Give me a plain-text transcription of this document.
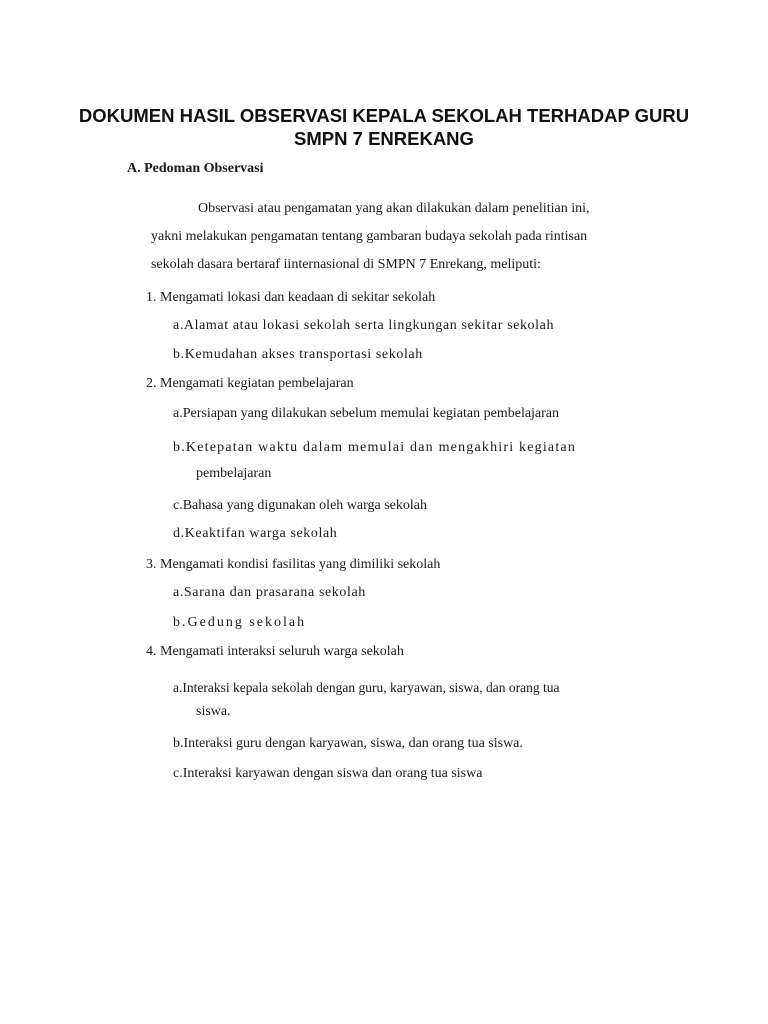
DOKUMEN HASIL OBSERVASI KEPALA SEKOLAH TERHADAP GURU
SMPN 7 ENREKANG
A. Pedoman Observasi
Observasi atau pengamatan yang akan dilakukan dalam penelitian ini,
yakni melakukan pengamatan tentang gambaran budaya sekolah pada rintisan
sekolah dasara bertaraf iinternasional di SMPN 7 Enrekang, meliputi:
1. Mengamati lokasi dan keadaan di sekitar sekolah
a.Alamat atau lokasi sekolah serta lingkungan sekitar sekolah
b.Kemudahan akses transportasi sekolah
2. Mengamati kegiatan pembelajaran
a.Persiapan yang dilakukan sebelum memulai kegiatan pembelajaran
b.Ketepatan waktu dalam memulai dan mengakhiri kegiatan
pembelajaran
c.Bahasa yang digunakan oleh warga sekolah
d.Keaktifan warga sekolah
3. Mengamati kondisi fasilitas yang dimiliki sekolah
a.Sarana dan prasarana sekolah
b.Gedung sekolah
4. Mengamati interaksi seluruh warga sekolah
a.Interaksi kepala sekolah dengan guru, karyawan, siswa, dan orang tua
siswa.
b.Interaksi guru dengan karyawan, siswa, dan orang tua siswa.
c.Interaksi karyawan dengan siswa dan orang tua siswa
